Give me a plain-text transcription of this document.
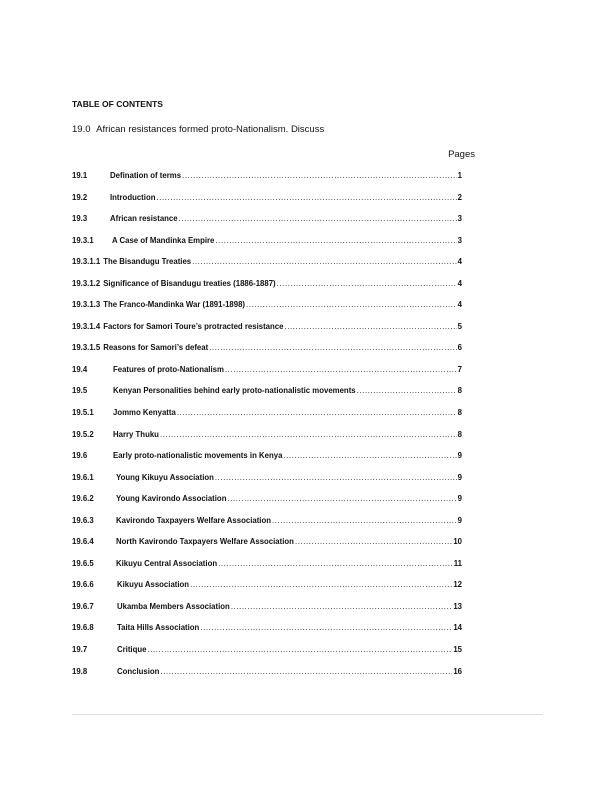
TABLE OF CONTENTS
19.0 African resistances formed proto-Nationalism. Discuss
Pages
19.1	Defination of terms .....	1
19.2	Introduction .....	2
19.3	African resistance .....	3
19.3.1	A Case of Mandinka Empire .....	3
19.3.1.1 The Bisandugu Treaties .....	4
19.3.1.2 Significance of Bisandugu treaties (1886-1887) .....	4
19.3.1.3 The Franco-Mandinka War (1891-1898) .....	4
19.3.1.4 Factors for Samori Toure’s protracted resistance .....	5
19.3.1.5 Reasons for Samori’s defeat .....	6
19.4	Features of proto-Nationalism .....	7
19.5	Kenyan Personalities behind early proto-nationalistic movements .....	8
19.5.1	Jommo Kenyatta .....	8
19.5.2	Harry Thuku .....	8
19.6	Early proto-nationalistic movements in Kenya .....	9
19.6.1	Young Kikuyu Association .....	9
19.6.2	Young Kavirondo Association .....	9
19.6.3	Kavirondo Taxpayers Welfare Association .....	9
19.6.4	North Kavirondo Taxpayers Welfare Association .....	10
19.6.5	Kikuyu Central Association .....	11
19.6.6	Kikuyu Association .....	12
19.6.7	Ukamba Members Association .....	13
19.6.8	Taita Hills Association .....	14
19.7	Critique .....	15
19.8	Conclusion .....	16
